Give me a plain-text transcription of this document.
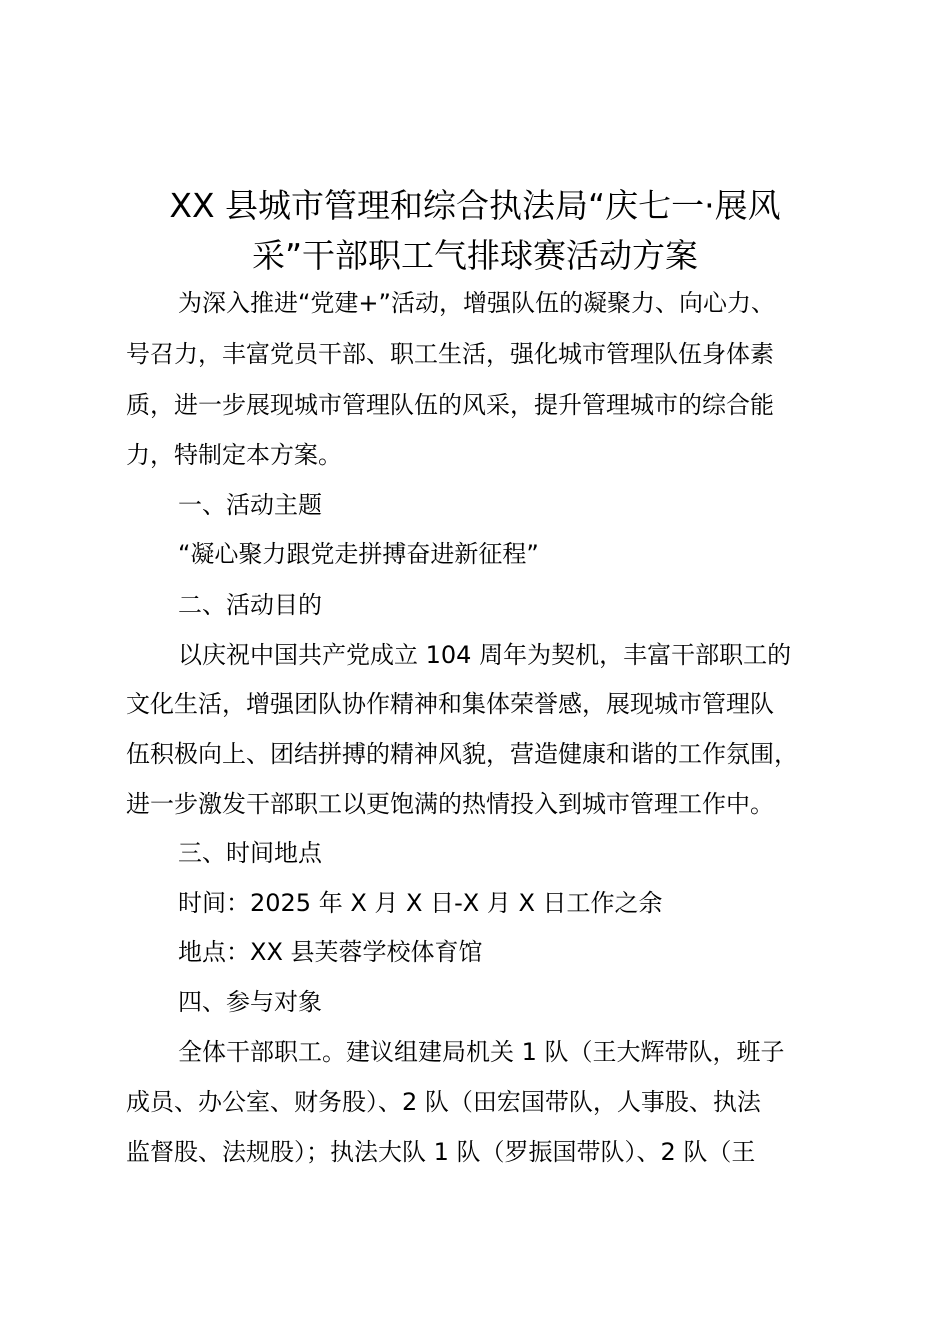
XX 县城市管理和综合执法局“庆七一·展风
采”干部职工气排球赛活动方案

为深入推进“党建+”活动，增强队伍的凝聚力、向心力、

号召力，丰富党员干部、职工生活，强化城市管理队伍身体素

质，进一步展现城市管理队伍的风采，提升管理城市的综合能

力，特制定本方案。

一、活动主题

“凝心聚力跟党走拼搏奋进新征程”

二、活动目的

以庆祝中国共产党成立 104 周年为契机，丰富干部职工的

文化生活，增强团队协作精神和集体荣誉感，展现城市管理队

伍积极向上、团结拼搏的精神风貌，营造健康和谐的工作氛围，

进一步激发干部职工以更饱满的热情投入到城市管理工作中。

三、时间地点

时间：2025 年 X 月 X 日-X 月 X 日工作之余

地点：XX 县芙蓉学校体育馆

四、参与对象

全体干部职工。建议组建局机关 1 队（王大辉带队，班子

成员、办公室、财务股）、2 队（田宏国带队，人事股、执法

监督股、法规股）；执法大队 1 队（罗振国带队）、2 队（王
